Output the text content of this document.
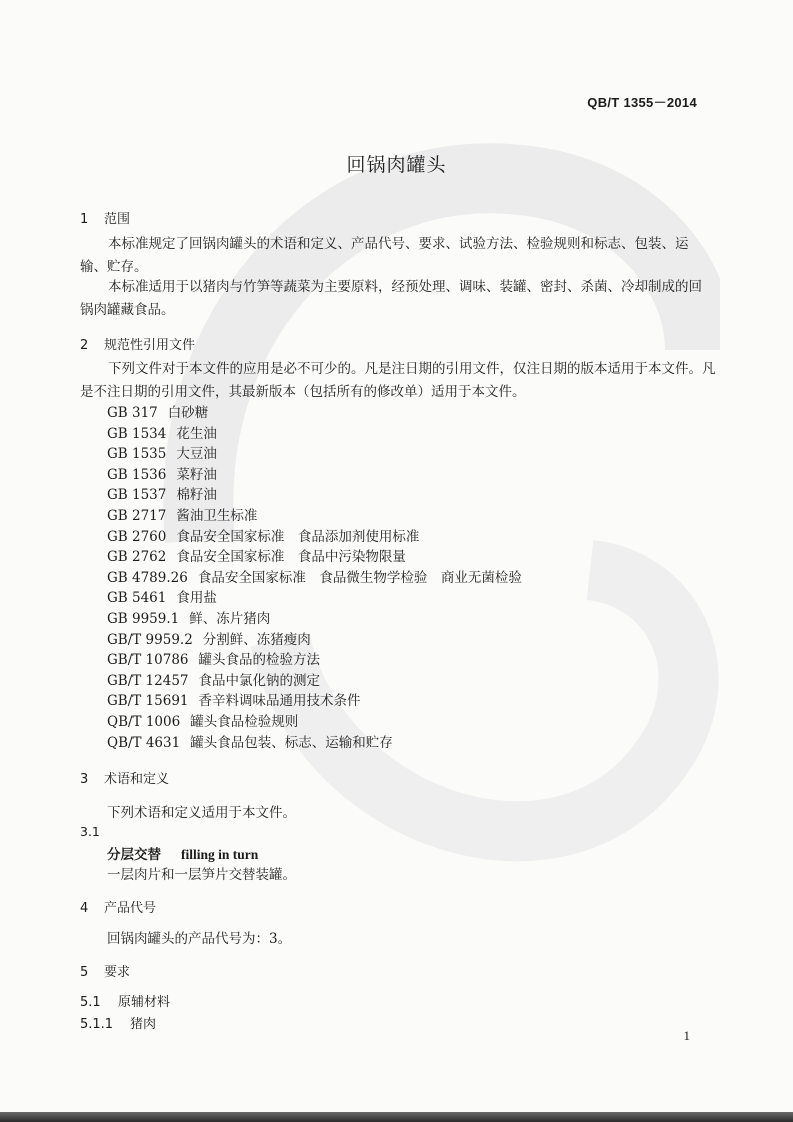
QB/T 1355－2014
回锅肉罐头
1 范围
本标准规定了回锅肉罐头的术语和定义、产品代号、要求、试验方法、检验规则和标志、包装、运输、贮存。
本标准适用于以猪肉与竹笋等蔬菜为主要原料，经预处理、调味、装罐、密封、杀菌、冷却制成的回锅肉罐藏食品。
2 规范性引用文件
下列文件对于本文件的应用是必不可少的。凡是注日期的引用文件，仅注日期的版本适用于本文件。凡是不注日期的引用文件，其最新版本（包括所有的修改单）适用于本文件。
GB 317 白砂糖
GB 1534 花生油
GB 1535 大豆油
GB 1536 菜籽油
GB 1537 棉籽油
GB 2717 酱油卫生标准
GB 2760 食品安全国家标准　食品添加剂使用标准
GB 2762 食品安全国家标准　食品中污染物限量
GB 4789.26 食品安全国家标准　食品微生物学检验　商业无菌检验
GB 5461 食用盐
GB 9959.1 鲜、冻片猪肉
GB/T 9959.2 分割鲜、冻猪瘦肉
GB/T 10786 罐头食品的检验方法
GB/T 12457 食品中氯化钠的测定
GB/T 15691 香辛料调味品通用技术条件
QB/T 1006 罐头食品检验规则
QB/T 4631 罐头食品包装、标志、运输和贮存
3 术语和定义
下列术语和定义适用于本文件。
3.1
分层交替 filling in turn
一层肉片和一层笋片交替装罐。
4 产品代号
回锅肉罐头的产品代号为：3。
5 要求
5.1 原辅材料
5.1.1 猪肉
1
